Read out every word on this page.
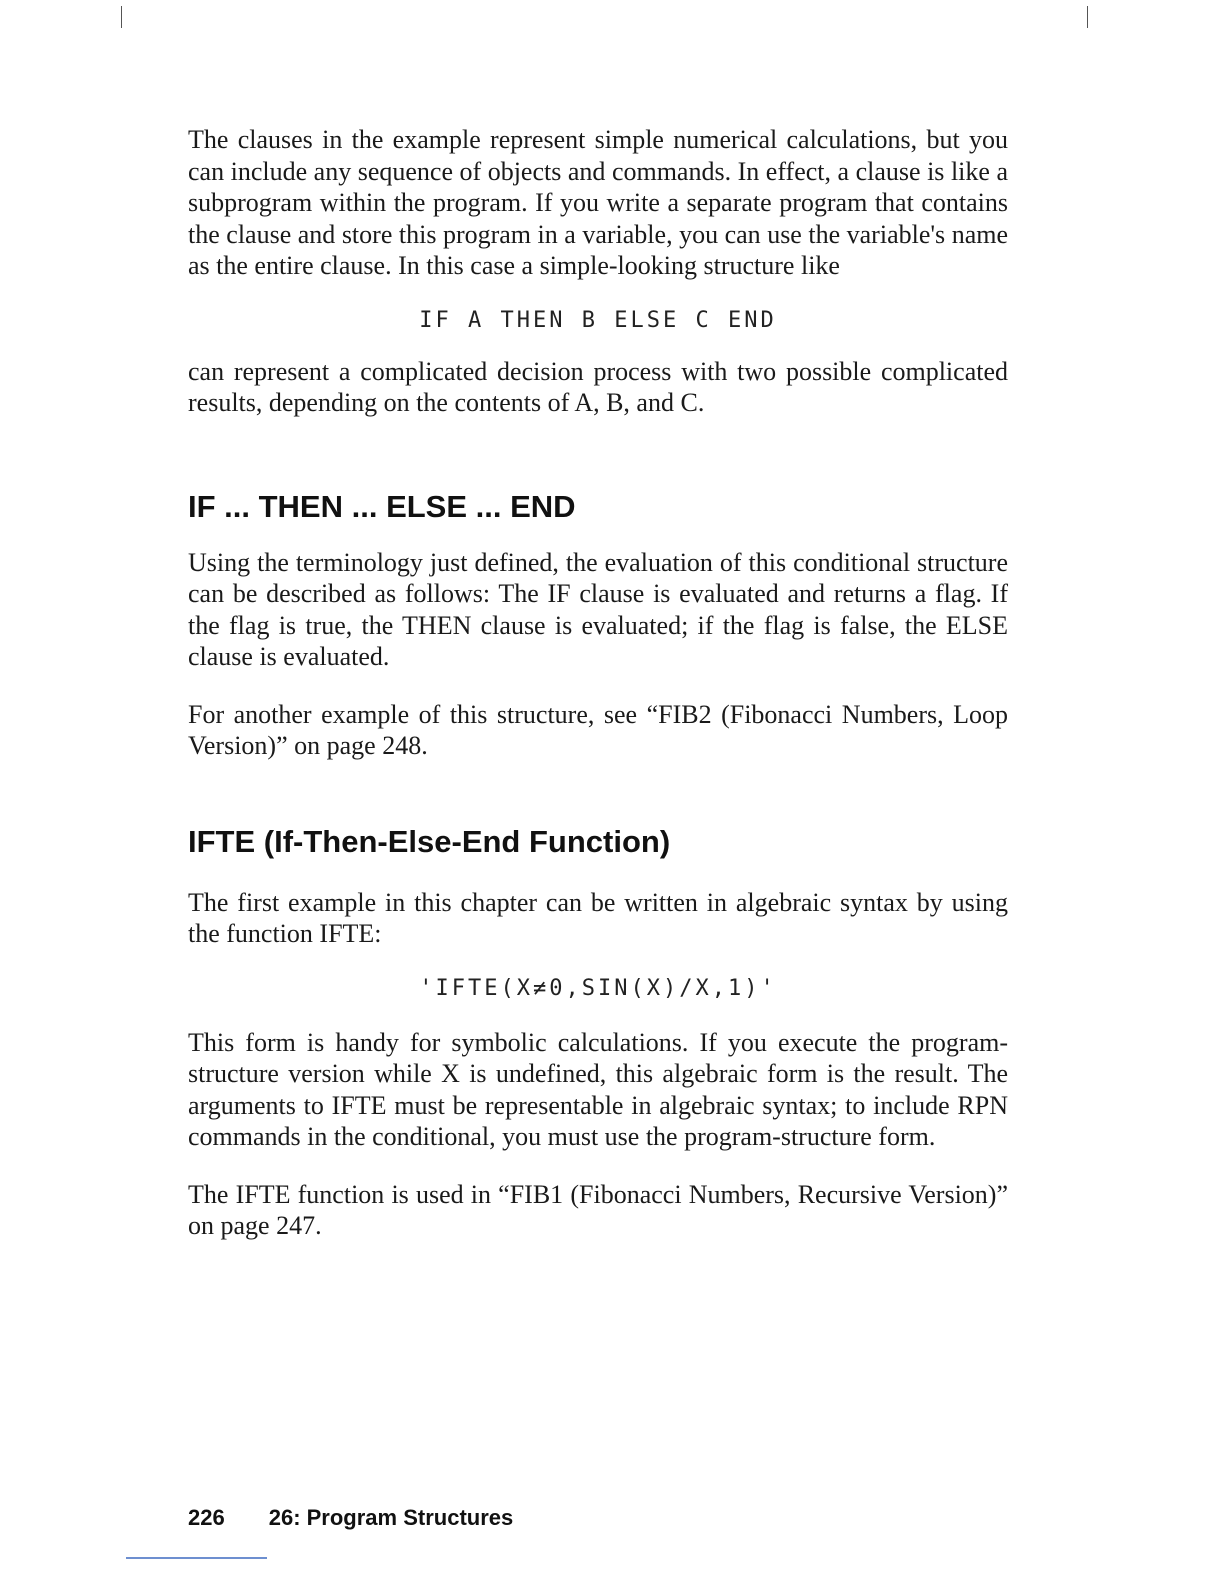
The clauses in the example represent simple numerical calculations, but you can include any sequence of objects and commands. In effect, a clause is like a subprogram within the program. If you write a separate program that contains the clause and store this program in a variable, you can use the variable's name as the entire clause. In this case a simple-looking structure like

IF A THEN B ELSE C END

can represent a complicated decision process with two possible complicated results, depending on the contents of A, B, and C.

IF ... THEN ... ELSE ... END

Using the terminology just defined, the evaluation of this conditional structure can be described as follows: The IF clause is evaluated and returns a flag. If the flag is true, the THEN clause is evaluated; if the flag is false, the ELSE clause is evaluated.

For another example of this structure, see “FIB2 (Fibonacci Numbers, Loop Version)” on page 248.

IFTE (If-Then-Else-End Function)

The first example in this chapter can be written in algebraic syntax by using the function IFTE:

'IFTE(X≠0,SIN(X)/X,1)'

This form is handy for symbolic calculations. If you execute the program-structure version while X is undefined, this algebraic form is the result. The arguments to IFTE must be representable in algebraic syntax; to include RPN commands in the conditional, you must use the program-structure form.

The IFTE function is used in “FIB1 (Fibonacci Numbers, Recursive Version)” on page 247.

226 26: Program Structures
